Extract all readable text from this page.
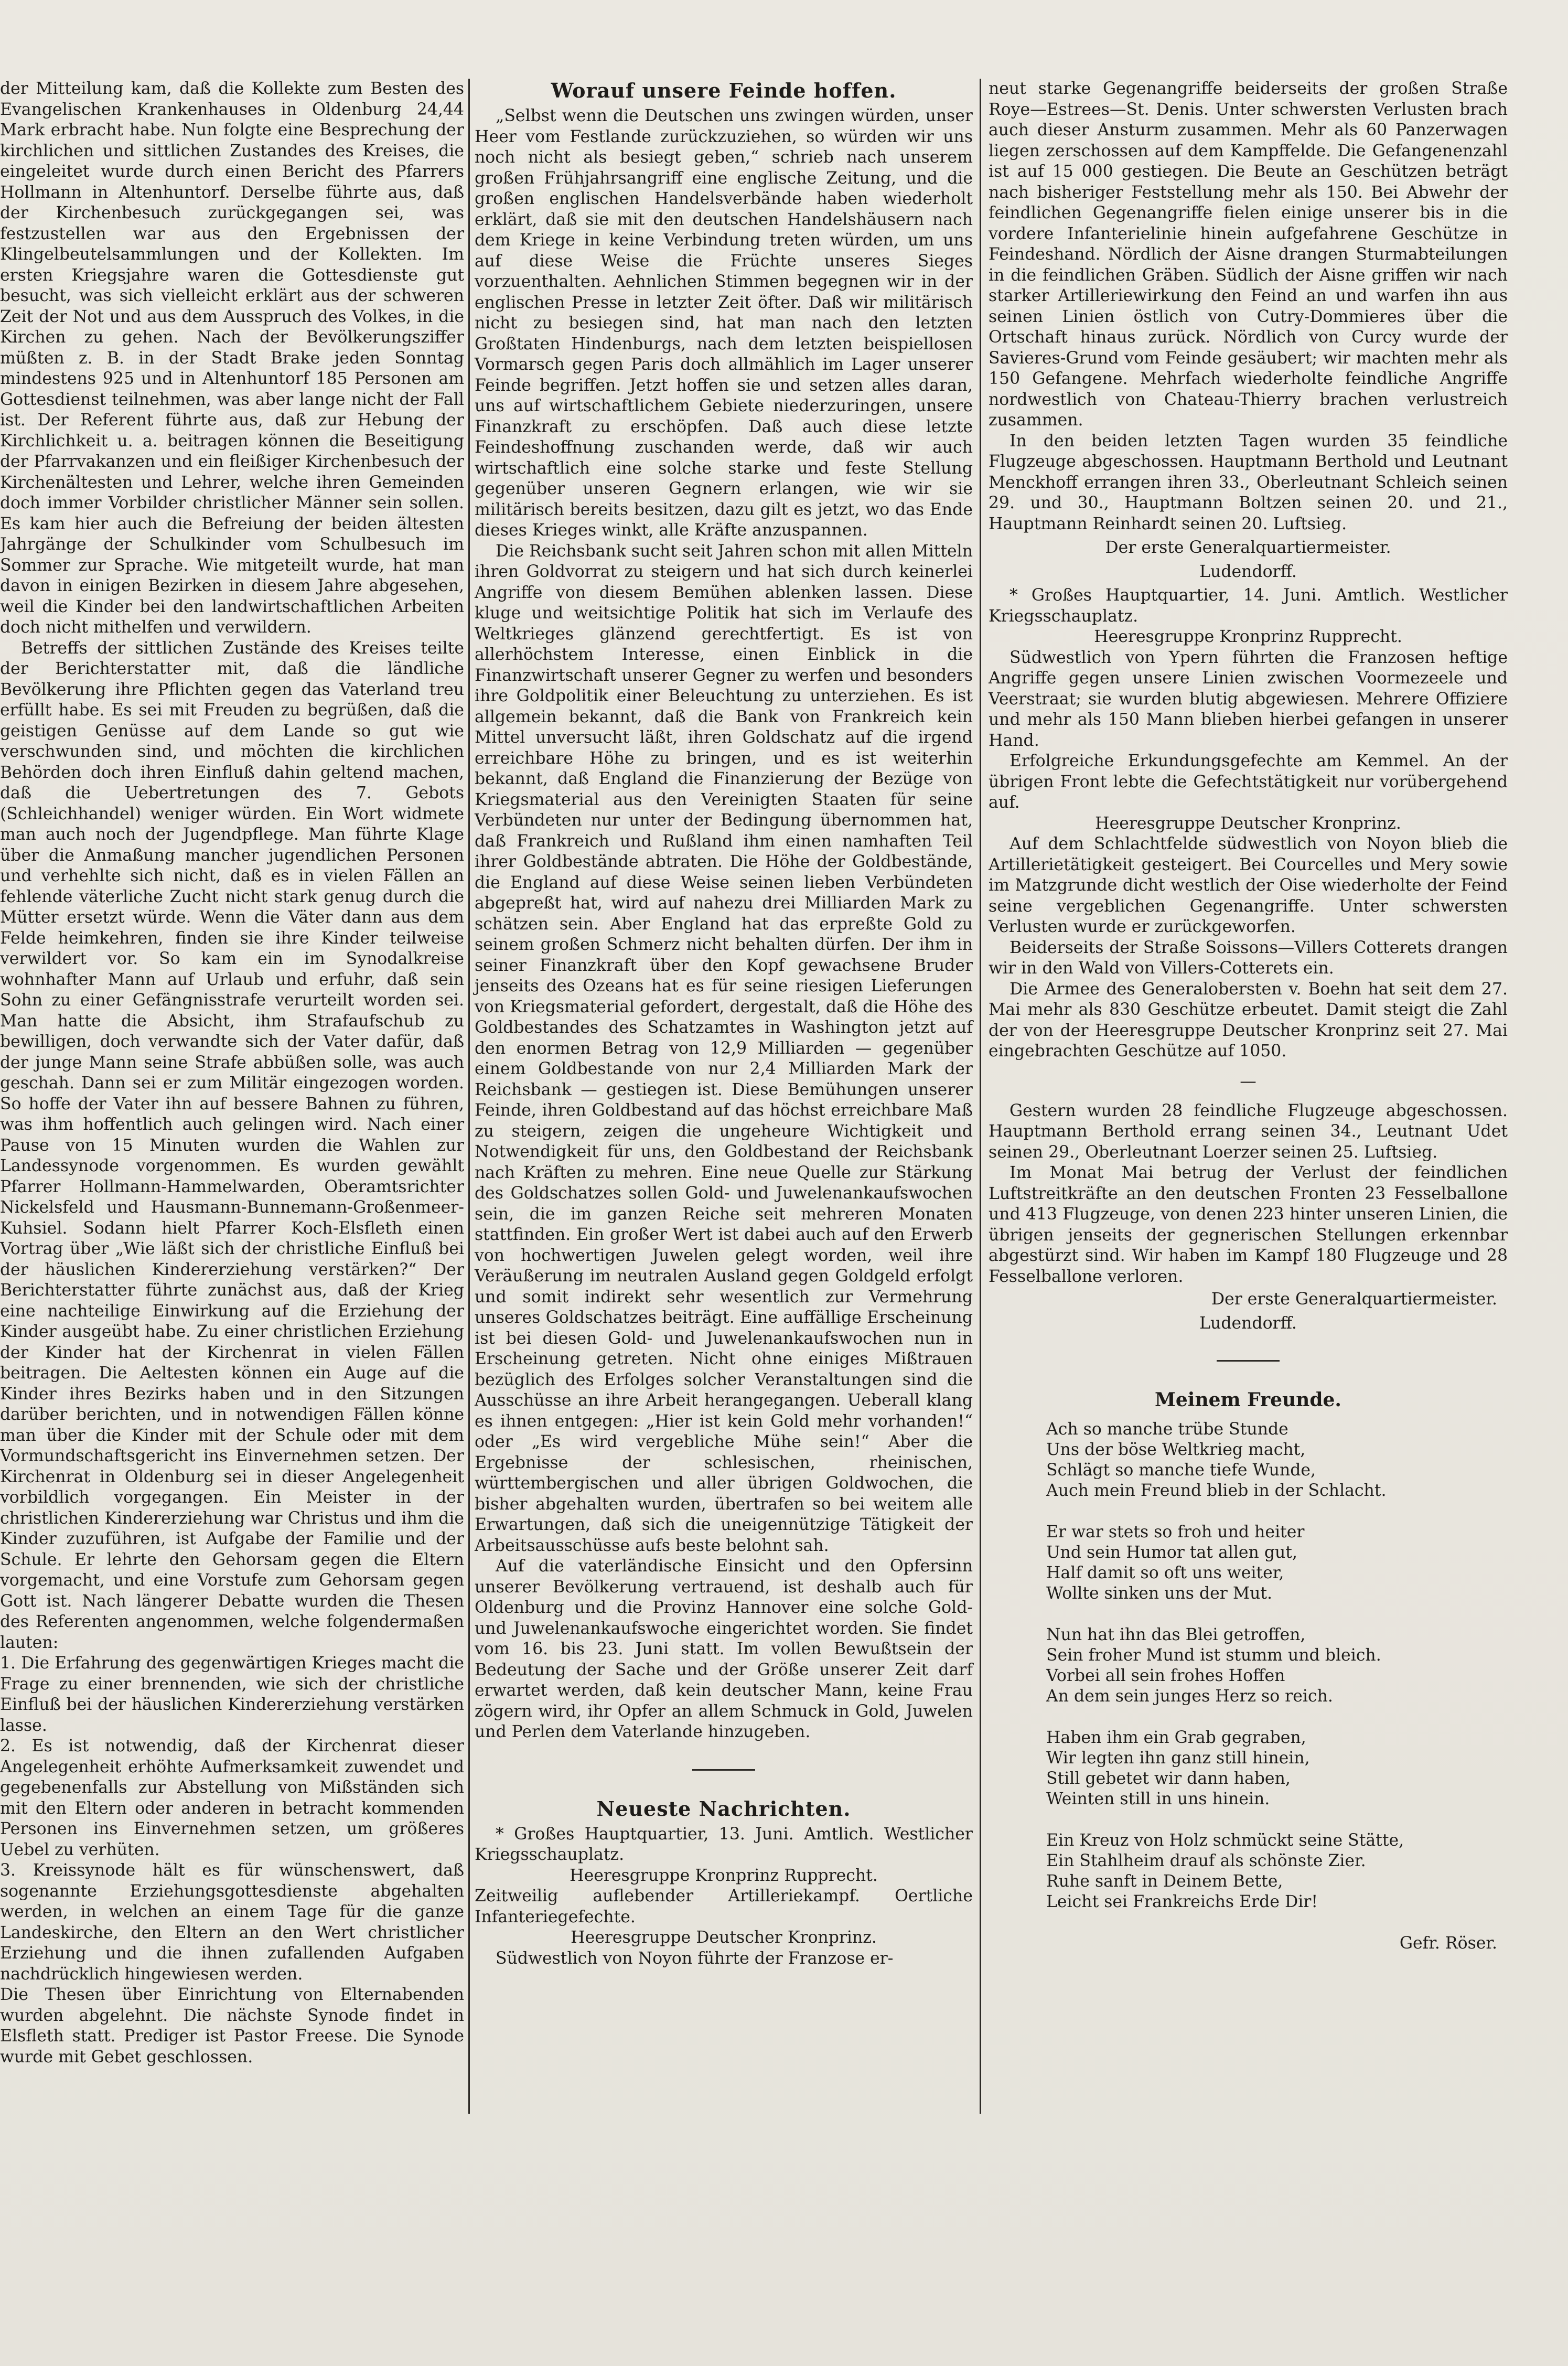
der Mitteilung kam, daß die Kollekte zum Besten des Evangelischen Krankenhauses in Oldenburg 24,44 Mark erbracht habe. Nun folgte eine Besprechung der kirchlichen und sittlichen Zustandes des Kreises, die eingeleitet wurde durch einen Bericht des Pfarrers Hollmann in Altenhuntorf. Derselbe führte aus, daß der Kirchenbesuch zurückgegangen sei, was festzustellen war aus den Ergebnissen der Klingelbeutelsammlungen und der Kollekten. Im ersten Kriegsjahre waren die Gottesdienste gut besucht, was sich vielleicht erklärt aus der schweren Zeit der Not und aus dem Ausspruch des Volkes, in die Kirchen zu gehen. Nach der Bevölkerungsziffer müßten z. B. in der Stadt Brake jeden Sonntag mindestens 925 und in Altenhuntorf 185 Personen am Gottesdienst teilnehmen, was aber lange nicht der Fall ist. Der Referent führte aus, daß zur Hebung der Kirchlichkeit u. a. beitragen können die Beseitigung der Pfarrvakanzen und ein fleißiger Kirchenbesuch der Kirchenältesten und Lehrer, welche ihren Gemeinden doch immer Vorbilder christlicher Männer sein sollen. Es kam hier auch die Befreiung der beiden ältesten Jahrgänge der Schulkinder vom Schulbesuch im Sommer zur Sprache. Wie mitgeteilt wurde, hat man davon in einigen Bezirken in diesem Jahre abgesehen, weil die Kinder bei den landwirtschaftlichen Arbeiten doch nicht mithelfen und verwildern.

Betreffs der sittlichen Zustände des Kreises teilte der Berichterstatter mit, daß die ländliche Bevölkerung ihre Pflichten gegen das Vaterland treu erfüllt habe. Es sei mit Freuden zu begrüßen, daß die geistigen Genüsse auf dem Lande so gut wie verschwunden sind, und möchten die kirchlichen Behörden doch ihren Einfluß dahin geltend machen, daß die Uebertretungen des 7. Gebots (Schleichhandel) weniger würden. Ein Wort widmete man auch noch der Jugendpflege. Man führte Klage über die Anmaßung mancher jugendlichen Personen und verhehlte sich nicht, daß es in vielen Fällen an fehlende väterliche Zucht nicht stark genug durch die Mütter ersetzt würde. Wenn die Väter dann aus dem Felde heimkehren, finden sie ihre Kinder teilweise verwildert vor. So kam ein im Synodalkreise wohnhafter Mann auf Urlaub und erfuhr, daß sein Sohn zu einer Gefängnisstrafe verurteilt worden sei. Man hatte die Absicht, ihm Strafaufschub zu bewilligen, doch verwandte sich der Vater dafür, daß der junge Mann seine Strafe abbüßen solle, was auch geschah. Dann sei er zum Militär eingezogen worden. So hoffe der Vater ihn auf bessere Bahnen zu führen, was ihm hoffentlich auch gelingen wird. Nach einer Pause von 15 Minuten wurden die Wahlen zur Landessynode vorgenommen. Es wurden gewählt Pfarrer Hollmann-Hammelwarden, Oberamtsrichter Nickelsfeld und Hausmann-Bunnemann-Großenmeer-Kuhsiel. Sodann hielt Pfarrer Koch-Elsfleth einen Vortrag über „Wie läßt sich der christliche Einfluß bei der häuslichen Kindererziehung verstärken?“ Der Berichterstatter führte zunächst aus, daß der Krieg eine nachteilige Einwirkung auf die Erziehung der Kinder ausgeübt habe. Zu einer christlichen Erziehung der Kinder hat der Kirchenrat in vielen Fällen beitragen. Die Aeltesten können ein Auge auf die Kinder ihres Bezirks haben und in den Sitzungen darüber berichten, und in notwendigen Fällen könne man über die Kinder mit der Schule oder mit dem Vormundschaftsgericht ins Einvernehmen setzen. Der Kirchenrat in Oldenburg sei in dieser Angelegenheit vorbildlich vorgegangen. Ein Meister in der christlichen Kindererziehung war Christus und ihm die Kinder zuzuführen, ist Aufgabe der Familie und der Schule. Er lehrte den Gehorsam gegen die Eltern vorgemacht, und eine Vorstufe zum Gehorsam gegen Gott ist. Nach längerer Debatte wurden die Thesen des Referenten angenommen, welche folgendermaßen lauten:

1. Die Erfahrung des gegenwärtigen Krieges macht die Frage zu einer brennenden, wie sich der christliche Einfluß bei der häuslichen Kindererziehung verstärken lasse.

2. Es ist notwendig, daß der Kirchenrat dieser Angelegenheit erhöhte Aufmerksamkeit zuwendet und gegebenenfalls zur Abstellung von Mißständen sich mit den Eltern oder anderen in betracht kommenden Personen ins Einvernehmen setzen, um größeres Uebel zu verhüten.

3. Kreissynode hält es für wünschenswert, daß sogenannte Erziehungsgottesdienste abgehalten werden, in welchen an einem Tage für die ganze Landeskirche, den Eltern an den Wert christlicher Erziehung und die ihnen zufallenden Aufgaben nachdrücklich hingewiesen werden.

Die Thesen über Einrichtung von Elternabenden wurden abgelehnt. Die nächste Synode findet in Elsfleth statt. Prediger ist Pastor Freese. Die Synode wurde mit Gebet geschlossen.

Worauf unsere Feinde hoffen.

„Selbst wenn die Deutschen uns zwingen würden, unser Heer vom Festlande zurückzuziehen, so würden wir uns noch nicht als besiegt geben,“ schrieb nach unserem großen Frühjahrsangriff eine englische Zeitung, und die großen englischen Handelsverbände haben wiederholt erklärt, daß sie mit den deutschen Handelshäusern nach dem Kriege in keine Verbindung treten würden, um uns auf diese Weise die Früchte unseres Sieges vorzuenthalten. Aehnlichen Stimmen begegnen wir in der englischen Presse in letzter Zeit öfter. Daß wir militärisch nicht zu besiegen sind, hat man nach den letzten Großtaten Hindenburgs, nach dem letzten beispiellosen Vormarsch gegen Paris doch allmählich im Lager unserer Feinde begriffen. Jetzt hoffen sie und setzen alles daran, uns auf wirtschaftlichem Gebiete niederzuringen, unsere Finanzkraft zu erschöpfen. Daß auch diese letzte Feindeshoffnung zuschanden werde, daß wir auch wirtschaftlich eine solche starke und feste Stellung gegenüber unseren Gegnern erlangen, wie wir sie militärisch bereits besitzen, dazu gilt es jetzt, wo das Ende dieses Krieges winkt, alle Kräfte anzuspannen.

Die Reichsbank sucht seit Jahren schon mit allen Mitteln ihren Goldvorrat zu steigern und hat sich durch keinerlei Angriffe von diesem Bemühen ablenken lassen. Diese kluge und weitsichtige Politik hat sich im Verlaufe des Weltkrieges glänzend gerechtfertigt. Es ist von allerhöchstem Interesse, einen Einblick in die Finanzwirtschaft unserer Gegner zu werfen und besonders ihre Goldpolitik einer Beleuchtung zu unterziehen. Es ist allgemein bekannt, daß die Bank von Frankreich kein Mittel unversucht läßt, ihren Goldschatz auf die irgend erreichbare Höhe zu bringen, und es ist weiterhin bekannt, daß England die Finanzierung der Bezüge von Kriegsmaterial aus den Vereinigten Staaten für seine Verbündeten nur unter der Bedingung übernommen hat, daß Frankreich und Rußland ihm einen namhaften Teil ihrer Goldbestände abtraten. Die Höhe der Goldbestände, die England auf diese Weise seinen lieben Verbündeten abgepreßt hat, wird auf nahezu drei Milliarden Mark zu schätzen sein. Aber England hat das erpreßte Gold zu seinem großen Schmerz nicht behalten dürfen. Der ihm in seiner Finanzkraft über den Kopf gewachsene Bruder jenseits des Ozeans hat es für seine riesigen Lieferungen von Kriegsmaterial gefordert, dergestalt, daß die Höhe des Goldbestandes des Schatzamtes in Washington jetzt auf den enormen Betrag von 12,9 Milliarden — gegenüber einem Goldbestande von nur 2,4 Milliarden Mark der Reichsbank — gestiegen ist. Diese Bemühungen unserer Feinde, ihren Goldbestand auf das höchst erreichbare Maß zu steigern, zeigen die ungeheure Wichtigkeit und Notwendigkeit für uns, den Goldbestand der Reichsbank nach Kräften zu mehren. Eine neue Quelle zur Stärkung des Goldschatzes sollen Gold- und Juwelenankaufswochen sein, die im ganzen Reiche seit mehreren Monaten stattfinden. Ein großer Wert ist dabei auch auf den Erwerb von hochwertigen Juwelen gelegt worden, weil ihre Veräußerung im neutralen Ausland gegen Goldgeld erfolgt und somit indirekt sehr wesentlich zur Vermehrung unseres Goldschatzes beiträgt. Eine auffällige Erscheinung ist bei diesen Gold- und Juwelenankaufswochen nun in Erscheinung getreten. Nicht ohne einiges Mißtrauen bezüglich des Erfolges solcher Veranstaltungen sind die Ausschüsse an ihre Arbeit herangegangen. Ueberall klang es ihnen entgegen: „Hier ist kein Gold mehr vorhanden!“ oder „Es wird vergebliche Mühe sein!“ Aber die Ergebnisse der schlesischen, rheinischen, württembergischen und aller übrigen Goldwochen, die bisher abgehalten wurden, übertrafen so bei weitem alle Erwartungen, daß sich die uneigennützige Tätigkeit der Arbeitsausschüsse aufs beste belohnt sah.

Auf die vaterländische Einsicht und den Opfersinn unserer Bevölkerung vertrauend, ist deshalb auch für Oldenburg und die Provinz Hannover eine solche Gold- und Juwelenankaufswoche eingerichtet worden. Sie findet vom 16. bis 23. Juni statt. Im vollen Bewußtsein der Bedeutung der Sache und der Größe unserer Zeit darf erwartet werden, daß kein deutscher Mann, keine Frau zögern wird, ihr Opfer an allem Schmuck in Gold, Juwelen und Perlen dem Vaterlande hinzugeben.

Neueste Nachrichten.

* Großes Hauptquartier, 13. Juni. Amtlich. Westlicher Kriegsschauplatz.

Heeresgruppe Kronprinz Rupprecht.

Zeitweilig auflebender Artilleriekampf. Oertliche Infanteriegefechte.

Heeresgruppe Deutscher Kronprinz.

Südwestlich von Noyon führte der Franzose er-

neut starke Gegenangriffe beiderseits der großen Straße Roye—Estrees—St. Denis. Unter schwersten Verlusten brach auch dieser Ansturm zusammen. Mehr als 60 Panzerwagen liegen zerschossen auf dem Kampffelde. Die Gefangenenzahl ist auf 15 000 gestiegen. Die Beute an Geschützen beträgt nach bisheriger Feststellung mehr als 150. Bei Abwehr der feindlichen Gegenangriffe fielen einige unserer bis in die vordere Infanterielinie hinein aufgefahrene Geschütze in Feindeshand. Nördlich der Aisne drangen Sturmabteilungen in die feindlichen Gräben. Südlich der Aisne griffen wir nach starker Artilleriewirkung den Feind an und warfen ihn aus seinen Linien östlich von Cutry-Dommieres über die Ortschaft hinaus zurück. Nördlich von Curcy wurde der Savieres-Grund vom Feinde gesäubert; wir machten mehr als 150 Gefangene. Mehrfach wiederholte feindliche Angriffe nordwestlich von Chateau-Thierry brachen verlustreich zusammen.

In den beiden letzten Tagen wurden 35 feindliche Flugzeuge abgeschossen. Hauptmann Berthold und Leutnant Menckhoff errangen ihren 33., Oberleutnant Schleich seinen 29. und 30., Hauptmann Boltzen seinen 20. und 21., Hauptmann Reinhardt seinen 20. Luftsieg.

Der erste Generalquartiermeister.

Ludendorff.

* Großes Hauptquartier, 14. Juni. Amtlich. Westlicher Kriegsschauplatz.

Heeresgruppe Kronprinz Rupprecht.

Südwestlich von Ypern führten die Franzosen heftige Angriffe gegen unsere Linien zwischen Voormezeele und Veerstraat; sie wurden blutig abgewiesen. Mehrere Offiziere und mehr als 150 Mann blieben hierbei gefangen in unserer Hand.

Erfolgreiche Erkundungsgefechte am Kemmel. An der übrigen Front lebte die Gefechtstätigkeit nur vorübergehend auf.

Heeresgruppe Deutscher Kronprinz.

Auf dem Schlachtfelde südwestlich von Noyon blieb die Artillerietätigkeit gesteigert. Bei Courcelles und Mery sowie im Matzgrunde dicht westlich der Oise wiederholte der Feind seine vergeblichen Gegenangriffe. Unter schwersten Verlusten wurde er zurückgeworfen.

Beiderseits der Straße Soissons—Villers Cotterets drangen wir in den Wald von Villers-Cotterets ein.

Die Armee des Generalobersten v. Boehn hat seit dem 27. Mai mehr als 830 Geschütze erbeutet. Damit steigt die Zahl der von der Heeresgruppe Deutscher Kronprinz seit 27. Mai eingebrachten Geschütze auf 1050.

—

Gestern wurden 28 feindliche Flugzeuge abgeschossen. Hauptmann Berthold errang seinen 34., Leutnant Udet seinen 29., Oberleutnant Loerzer seinen 25. Luftsieg.

Im Monat Mai betrug der Verlust der feindlichen Luftstreitkräfte an den deutschen Fronten 23 Fesselballone und 413 Flugzeuge, von denen 223 hinter unseren Linien, die übrigen jenseits der gegnerischen Stellungen erkennbar abgestürzt sind. Wir haben im Kampf 180 Flugzeuge und 28 Fesselballone verloren.

Der erste Generalquartiermeister.

Ludendorff.

Meinem Freunde.

Ach so manche trübe Stunde

Uns der böse Weltkrieg macht,

Schlägt so manche tiefe Wunde,

Auch mein Freund blieb in der Schlacht.

Er war stets so froh und heiter

Und sein Humor tat allen gut,

Half damit so oft uns weiter,

Wollte sinken uns der Mut.

Nun hat ihn das Blei getroffen,

Sein froher Mund ist stumm und bleich.

Vorbei all sein frohes Hoffen

An dem sein junges Herz so reich.

Haben ihm ein Grab gegraben,

Wir legten ihn ganz still hinein,

Still gebetet wir dann haben,

Weinten still in uns hinein.

Ein Kreuz von Holz schmückt seine Stätte,

Ein Stahlheim drauf als schönste Zier.

Ruhe sanft in Deinem Bette,

Leicht sei Frankreichs Erde Dir!

Gefr. Röser.
